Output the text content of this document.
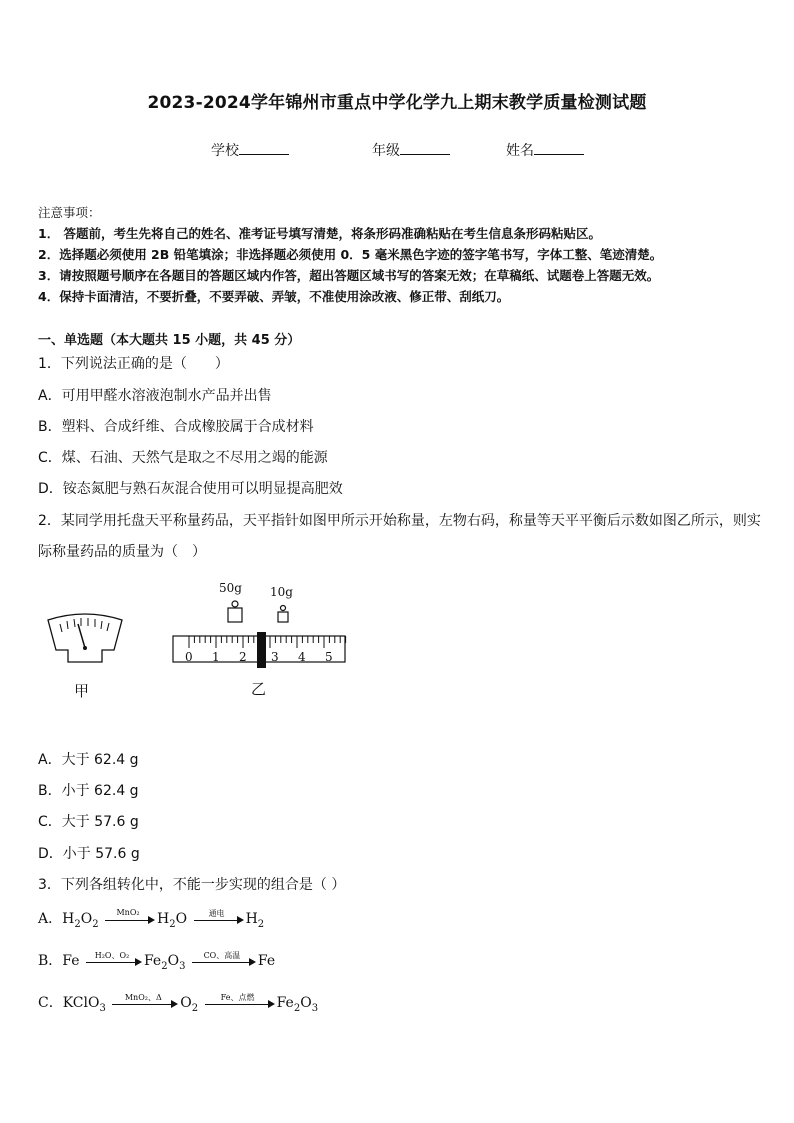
2023-2024学年锦州市重点中学化学九上期末教学质量检测试题
学校	年级	姓名
注意事项：
1． 答题前，考生先将自己的姓名、准考证号填写清楚，将条形码准确粘贴在考生信息条形码粘贴区。
2．选择题必须使用 2B 铅笔填涂；非选择题必须使用 0．5 毫米黑色字迹的签字笔书写，字体工整、笔迹清楚。
3．请按照题号顺序在各题目的答题区域内作答，超出答题区域书写的答案无效；在草稿纸、试题卷上答题无效。
4．保持卡面清洁，不要折叠，不要弄破、弄皱，不准使用涂改液、修正带、刮纸刀。
一、单选题（本大题共 15 小题，共 45 分）
1．下列说法正确的是（　　）
A．可用甲醛水溶液泡制水产品并出售
B．塑料、合成纤维、合成橡胶属于合成材料
C．煤、石油、天然气是取之不尽用之竭的能源
D．铵态氮肥与熟石灰混合使用可以明显提高肥效
2．某同学用托盘天平称量药品，天平指针如图甲所示开始称量，左物右码，称量等天平平衡后示数如图乙所示，则实
际称量药品的质量为（　）
甲
50g 10g
0 1 2 3 4 5
乙
A．大于 62.4 g
B．小于 62.4 g
C．大于 57.6 g
D．小于 57.6 g
3．下列各组转化中，不能一步实现的组合是（ ）
A．$H_2O_2$
MnO₂	$H_2O$	通电	$H_2$
B．Fe	H₂O、O₂	$Fe_2O_3$
CO、高温	Fe
C．KClO$_3$
MnO₂、Δ	$O_2$
Fe、点燃	$Fe_2O_3$
